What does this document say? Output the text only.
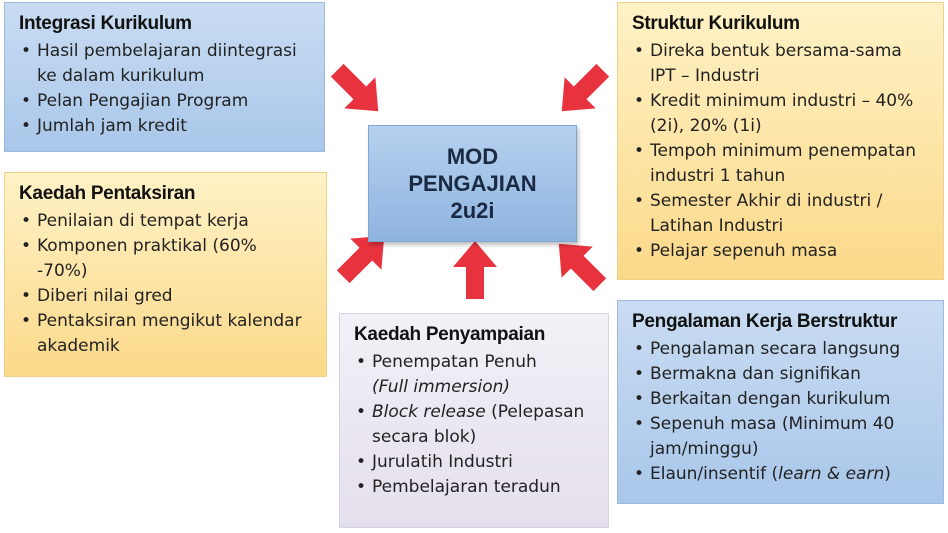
MOD
PENGAJIAN
2u2i
Integrasi Kurikulum
• Hasil pembelajaran diintegrasi ke dalam kurikulum
• Pelan Pengajian Program
• Jumlah jam kredit
Kaedah Pentaksiran
• Penilaian di tempat kerja
• Komponen praktikal (60% -70%)
• Diberi nilai gred
• Pentaksiran mengikut kalendar akademik
Struktur Kurikulum
• Direka bentuk bersama-sama IPT – Industri
• Kredit minimum industri – 40% (2i), 20% (1i)
• Tempoh minimum penempatan industri 1 tahun
• Semester Akhir di industri / Latihan Industri
• Pelajar sepenuh masa
Pengalaman Kerja Berstruktur
• Pengalaman secara langsung
• Bermakna dan signifikan
• Berkaitan dengan kurikulum
• Sepenuh masa (Minimum 40 jam/minggu)
• Elaun/insentif (learn & earn)
Kaedah Penyampaian
• Penempatan Penuh
(Full immersion)
• Block release (Pelepasan secara blok)
• Jurulatih Industri
• Pembelajaran teradun
